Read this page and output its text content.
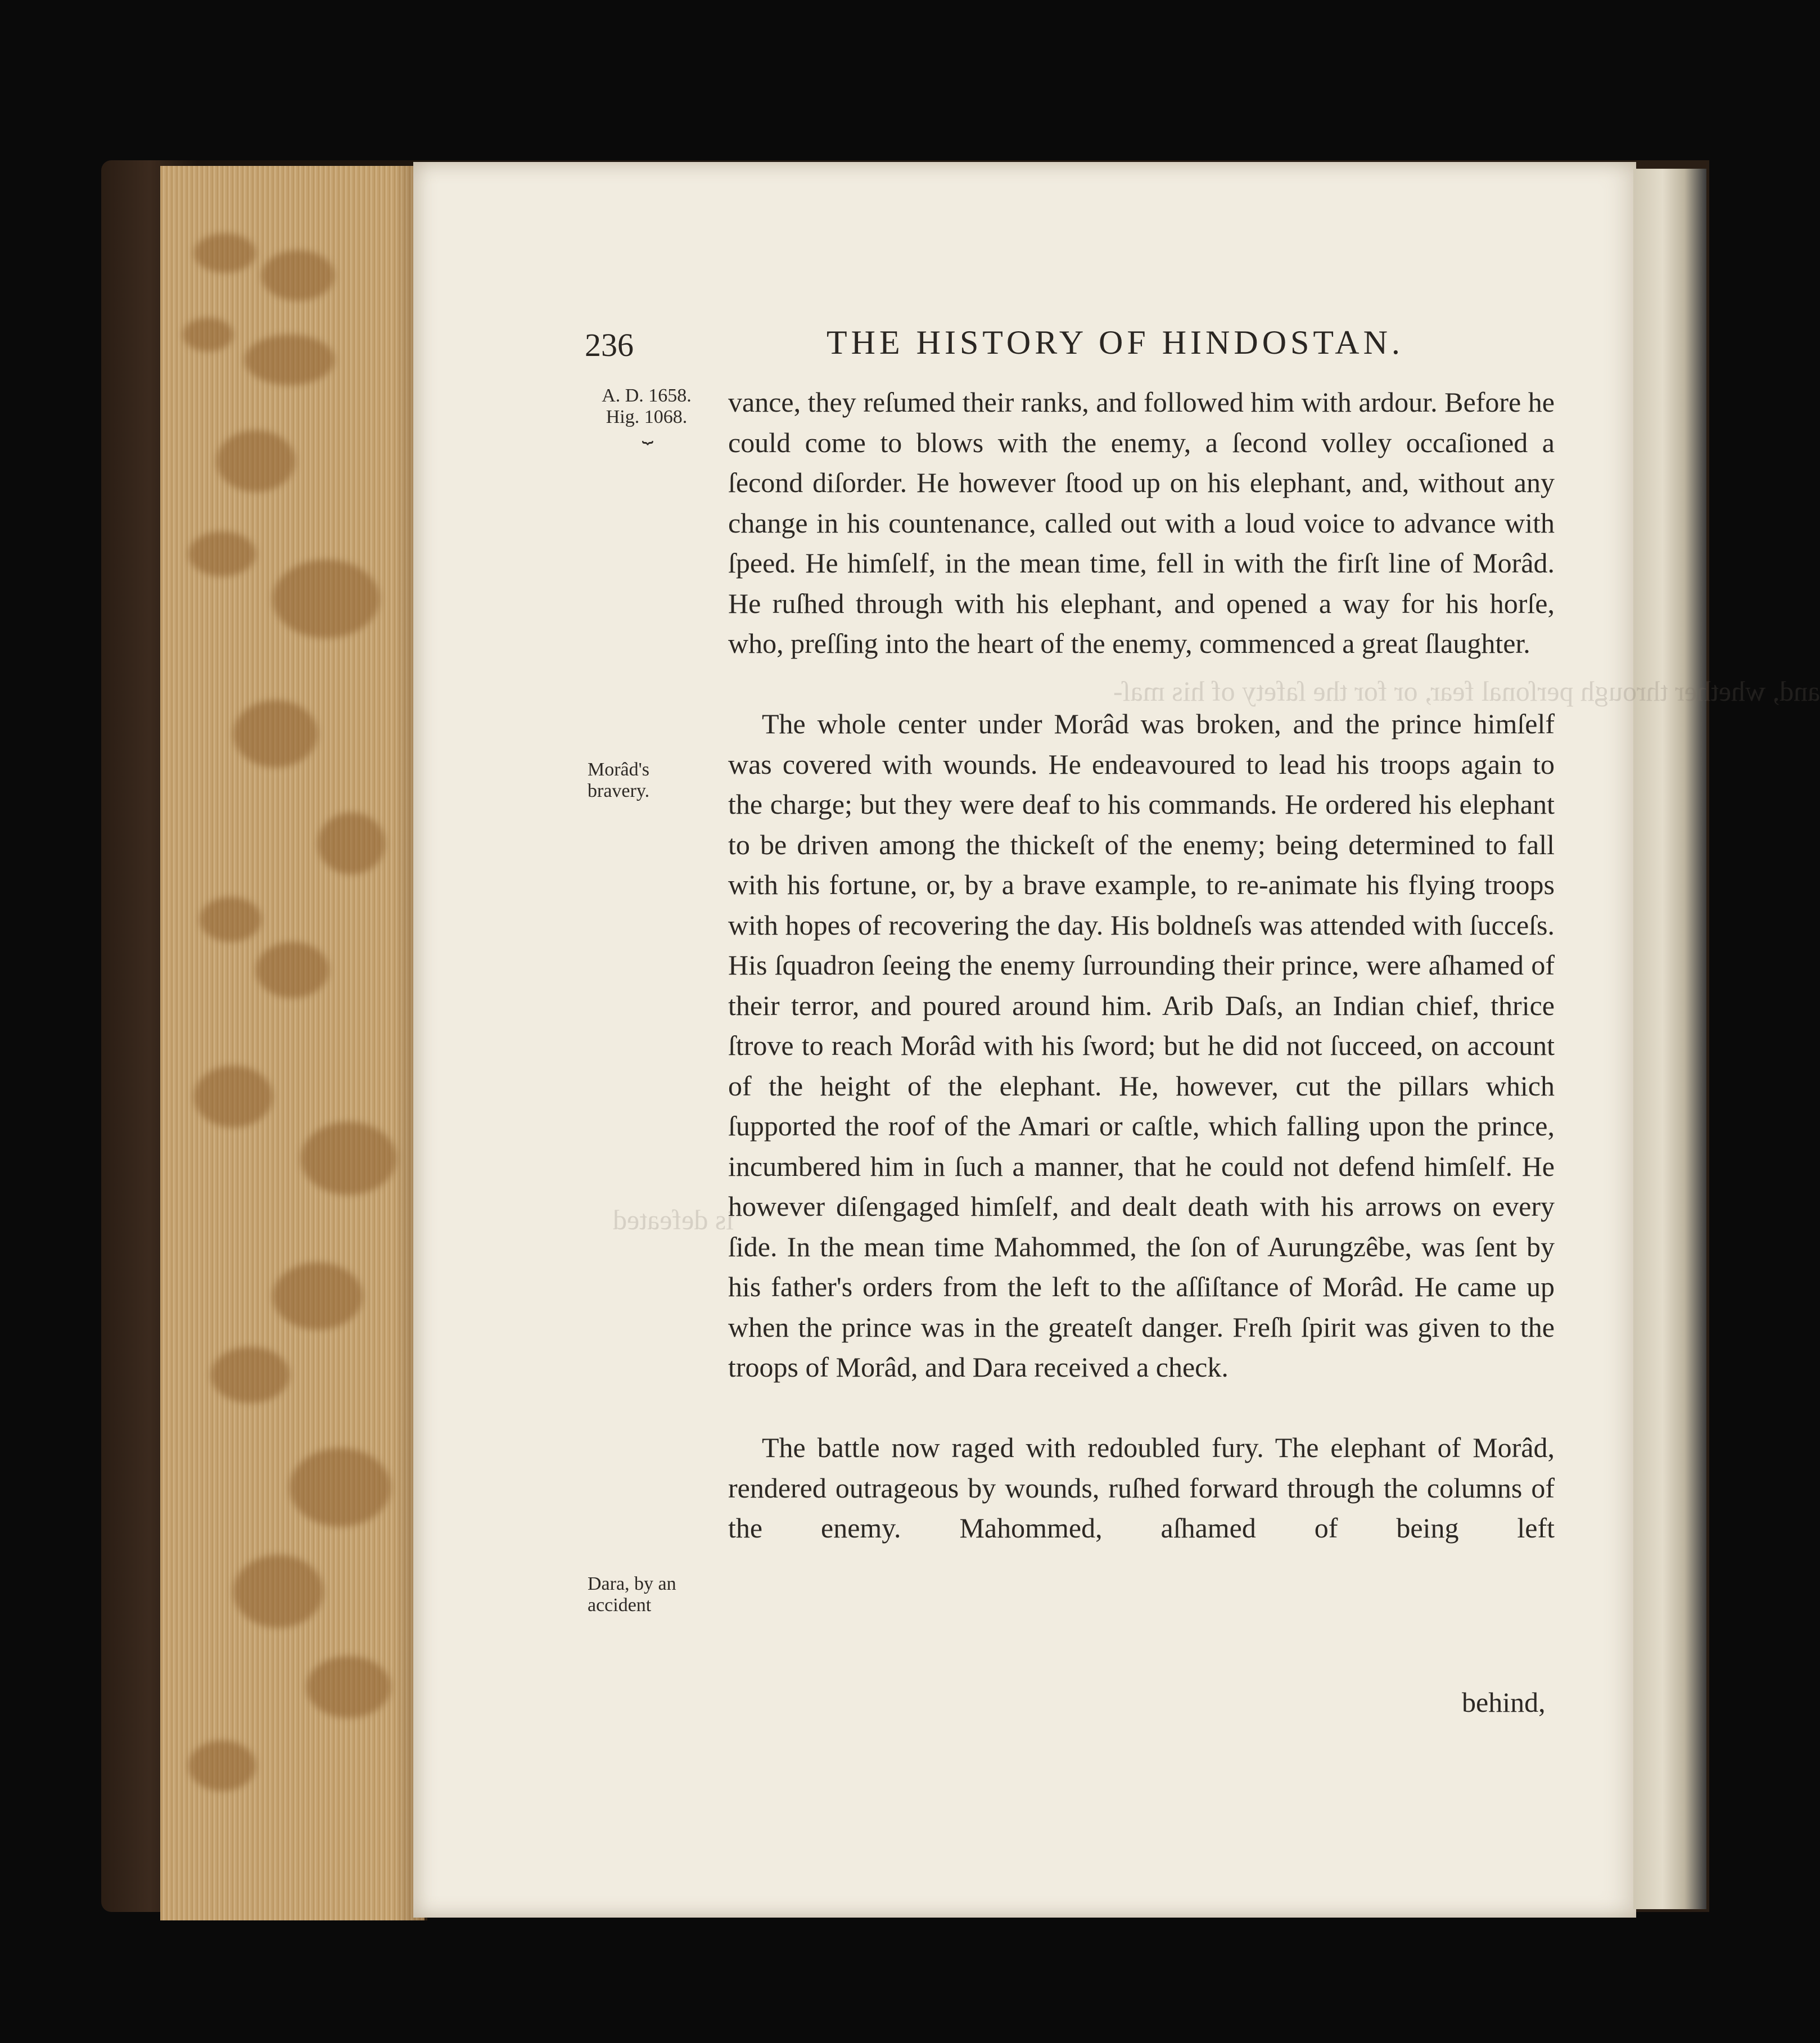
and, whether through perſonal fear, or for the ſafety of his maſ-
is defeated
236	THE HISTORY OF HINDOSTAN.
A. D. 1658.
Hig. 1068.
⏟
Morâd's
bravery.
Dara, by an
accident

vance, they reſumed their ranks, and followed him with ardour. Before he could come to blows with the enemy, a ſecond volley occaſioned a ſecond diſorder. He however ſtood up on his elephant, and, without any change in his countenance, called out with a loud voice to advance with ſpeed. He himſelf, in the mean time, fell in with the firſt line of Morâd. He ruſhed through with his elephant, and opened a way for his horſe, who, preſſing into the heart of the enemy, commenced a great ſlaughter.

The whole center under Morâd was broken, and the prince himſelf was covered with wounds. He endeavoured to lead his troops again to the charge; but they were deaf to his commands. He ordered his elephant to be driven among the thickeſt of the enemy; being determined to fall with his fortune, or, by a brave example, to re-animate his flying troops with hopes of recovering the day. His boldneſs was attended with ſucceſs. His ſquadron ſeeing the enemy ſurrounding their prince, were aſhamed of their terror, and poured around him. Arib Daſs, an Indian chief, thrice ſtrove to reach Morâd with his ſword; but he did not ſucceed, on account of the height of the elephant. He, however, cut the pillars which ſupported the roof of the Amari or caſtle, which falling upon the prince, incumbered him in ſuch a manner, that he could not defend himſelf. He however diſengaged himſelf, and dealt death with his arrows on every ſide. In the mean time Mahommed, the ſon of Aurungzêbe, was ſent by his father's orders from the left to the aſſiſtance of Morâd. He came up when the prince was in the greateſt danger. Freſh ſpirit was given to the troops of Morâd, and Dara received a check.

The battle now raged with redoubled fury. The elephant of Morâd, rendered outrageous by wounds, ruſhed forward through the columns of the enemy. Mahommed, aſhamed of being left

behind,
